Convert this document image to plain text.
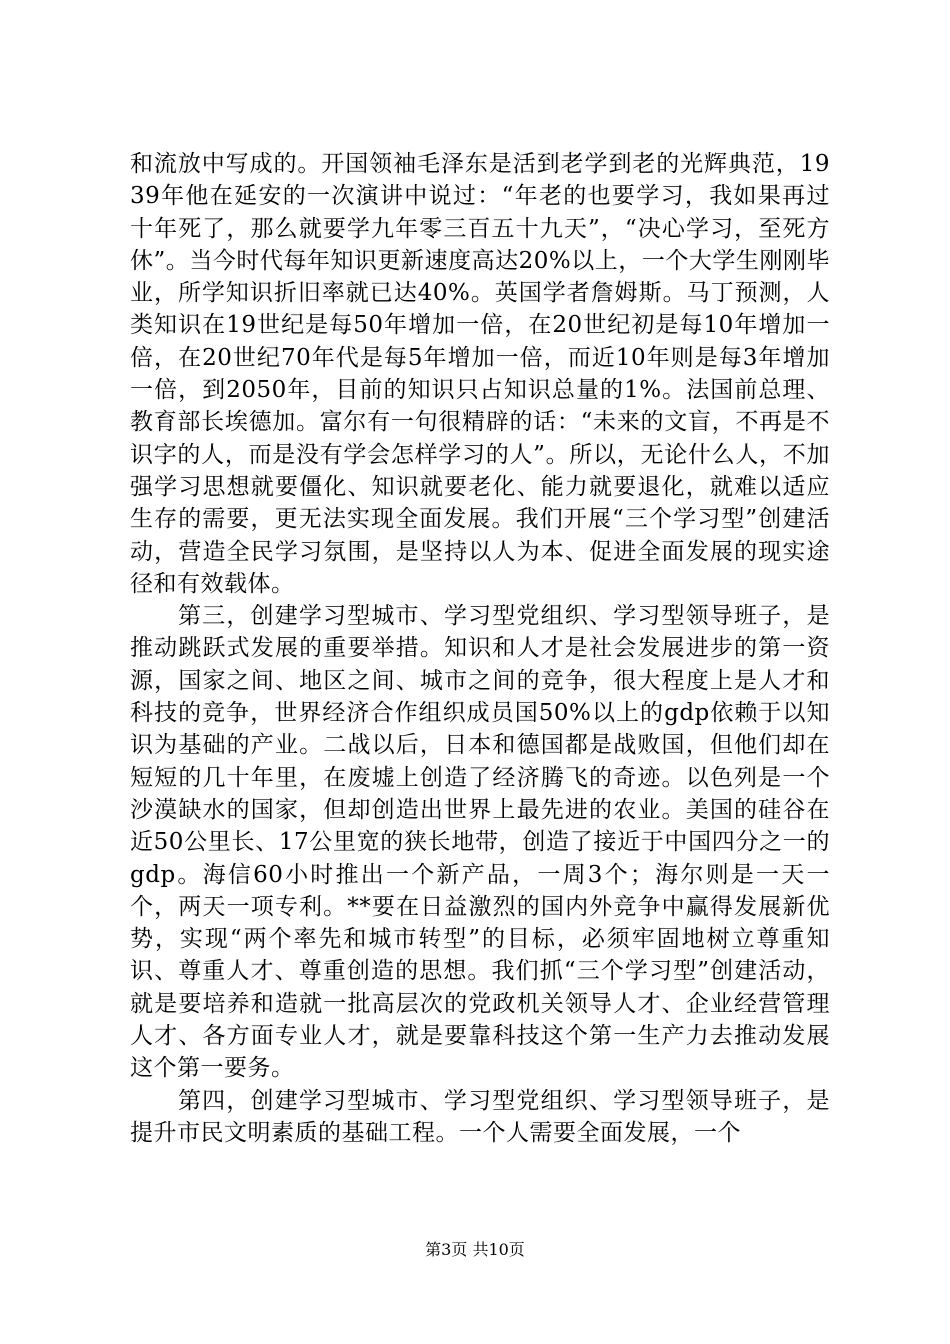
和流放中写成的。开国领袖毛泽东是活到老学到老的光辉典范，1939年他在延安的一次演讲中说过：“年老的也要学习，我如果再过十年死了，那么就要学九年零三百五十九天”，“决心学习，至死方休”。当今时代每年知识更新速度高达20%以上，一个大学生刚刚毕业，所学知识折旧率就已达40%。英国学者詹姆斯。马丁预测，人类知识在19世纪是每50年增加一倍，在20世纪初是每10年增加一倍，在20世纪70年代是每5年增加一倍，而近10年则是每3年增加一倍，到2050年，目前的知识只占知识总量的1%。法国前总理、教育部长埃德加。富尔有一句很精辟的话：“未来的文盲，不再是不识字的人，而是没有学会怎样学习的人”。所以，无论什么人，不加强学习思想就要僵化、知识就要老化、能力就要退化，就难以适应生存的需要，更无法实现全面发展。我们开展“三个学习型”创建活动，营造全民学习氛围，是坚持以人为本、促进全面发展的现实途径和有效载体。

第三，创建学习型城市、学习型党组织、学习型领导班子，是推动跳跃式发展的重要举措。知识和人才是社会发展进步的第一资源，国家之间、地区之间、城市之间的竞争，很大程度上是人才和科技的竞争，世界经济合作组织成员国50%以上的gdp依赖于以知识为基础的产业。二战以后，日本和德国都是战败国，但他们却在短短的几十年里，在废墟上创造了经济腾飞的奇迹。以色列是一个沙漠缺水的国家，但却创造出世界上最先进的农业。美国的硅谷在近50公里长、17公里宽的狭长地带，创造了接近于中国四分之一的gdp。海信60小时推出一个新产品，一周3个；海尔则是一天一个，两天一项专利。**要在日益激烈的国内外竞争中赢得发展新优势，实现“两个率先和城市转型”的目标，必须牢固地树立尊重知识、尊重人才、尊重创造的思想。我们抓“三个学习型”创建活动，就是要培养和造就一批高层次的党政机关领导人才、企业经营管理人才、各方面专业人才，就是要靠科技这个第一生产力去推动发展这个第一要务。

第四，创建学习型城市、学习型党组织、学习型领导班子，是提升市民文明素质的基础工程。一个人需要全面发展，一个

第3页 共10页
